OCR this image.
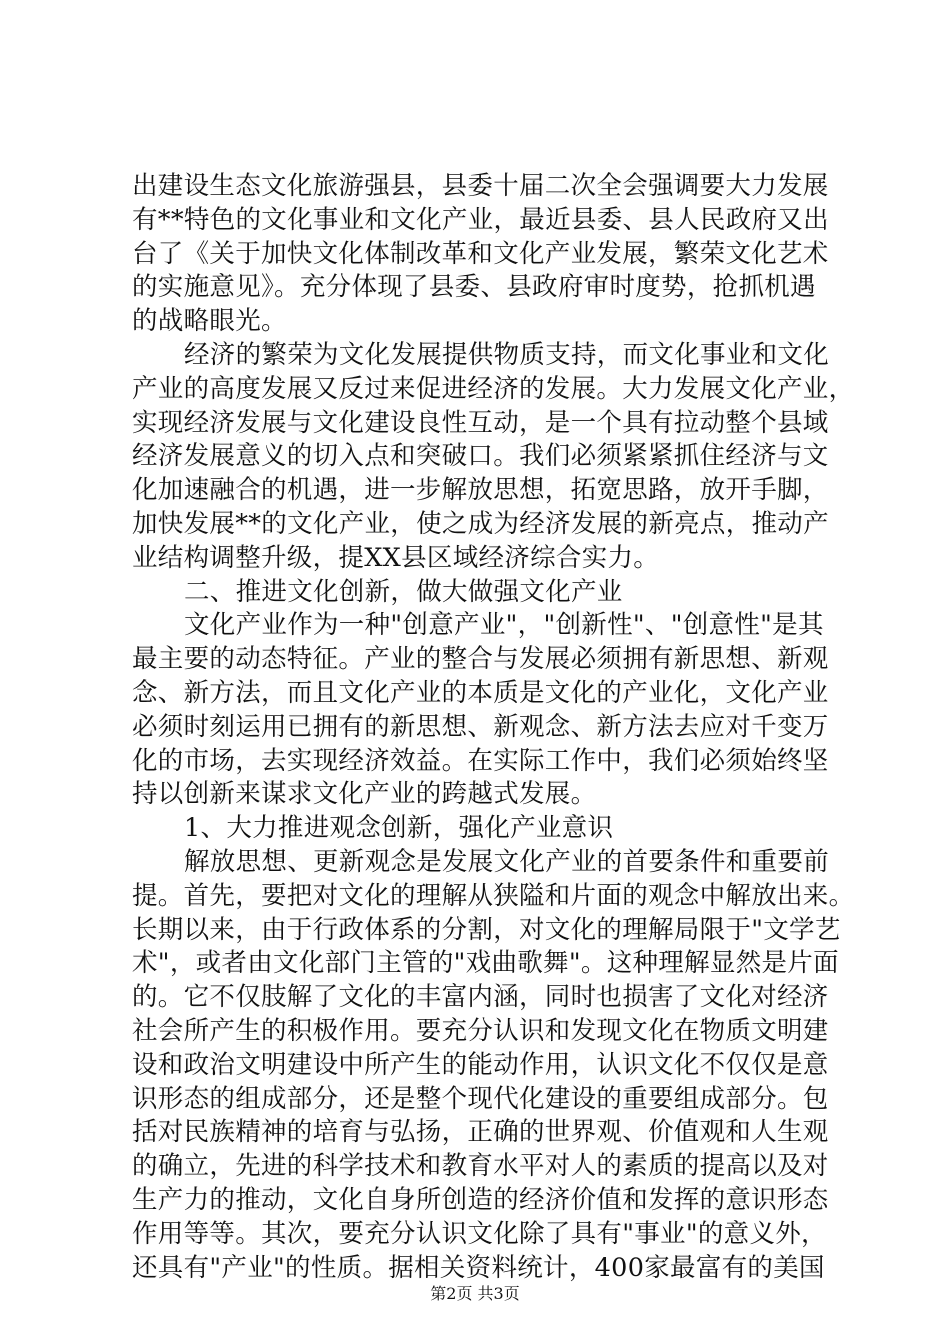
出建设生态文化旅游强县，县委十届二次全会强调要大力发展
有**特色的文化事业和文化产业，最近县委、县人民政府又出
台了《关于加快文化体制改革和文化产业发展，繁荣文化艺术
的实施意见》。充分体现了县委、县政府审时度势，抢抓机遇
的战略眼光。
经济的繁荣为文化发展提供物质支持，而文化事业和文化
产业的高度发展又反过来促进经济的发展。大力发展文化产业，
实现经济发展与文化建设良性互动，是一个具有拉动整个县域
经济发展意义的切入点和突破口。我们必须紧紧抓住经济与文
化加速融合的机遇，进一步解放思想，拓宽思路，放开手脚，
加快发展**的文化产业，使之成为经济发展的新亮点，推动产
业结构调整升级，提XX县区域经济综合实力。
二、推进文化创新，做大做强文化产业
文化产业作为一种"创意产业"，"创新性"、"创意性"是其
最主要的动态特征。产业的整合与发展必须拥有新思想、新观
念、新方法，而且文化产业的本质是文化的产业化，文化产业
必须时刻运用已拥有的新思想、新观念、新方法去应对千变万
化的市场，去实现经济效益。在实际工作中，我们必须始终坚
持以创新来谋求文化产业的跨越式发展。
1、大力推进观念创新，强化产业意识
解放思想、更新观念是发展文化产业的首要条件和重要前
提。首先，要把对文化的理解从狭隘和片面的观念中解放出来。
长期以来，由于行政体系的分割，对文化的理解局限于"文学艺
术"，或者由文化部门主管的"戏曲歌舞"。这种理解显然是片面
的。它不仅肢解了文化的丰富内涵，同时也损害了文化对经济
社会所产生的积极作用。要充分认识和发现文化在物质文明建
设和政治文明建设中所产生的能动作用，认识文化不仅仅是意
识形态的组成部分，还是整个现代化建设的重要组成部分。包
括对民族精神的培育与弘扬，正确的世界观、价值观和人生观
的确立，先进的科学技术和教育水平对人的素质的提高以及对
生产力的推动，文化自身所创造的经济价值和发挥的意识形态
作用等等。其次，要充分认识文化除了具有"事业"的意义外，
还具有"产业"的性质。据相关资料统计，400家最富有的美国
第2页 共3页
